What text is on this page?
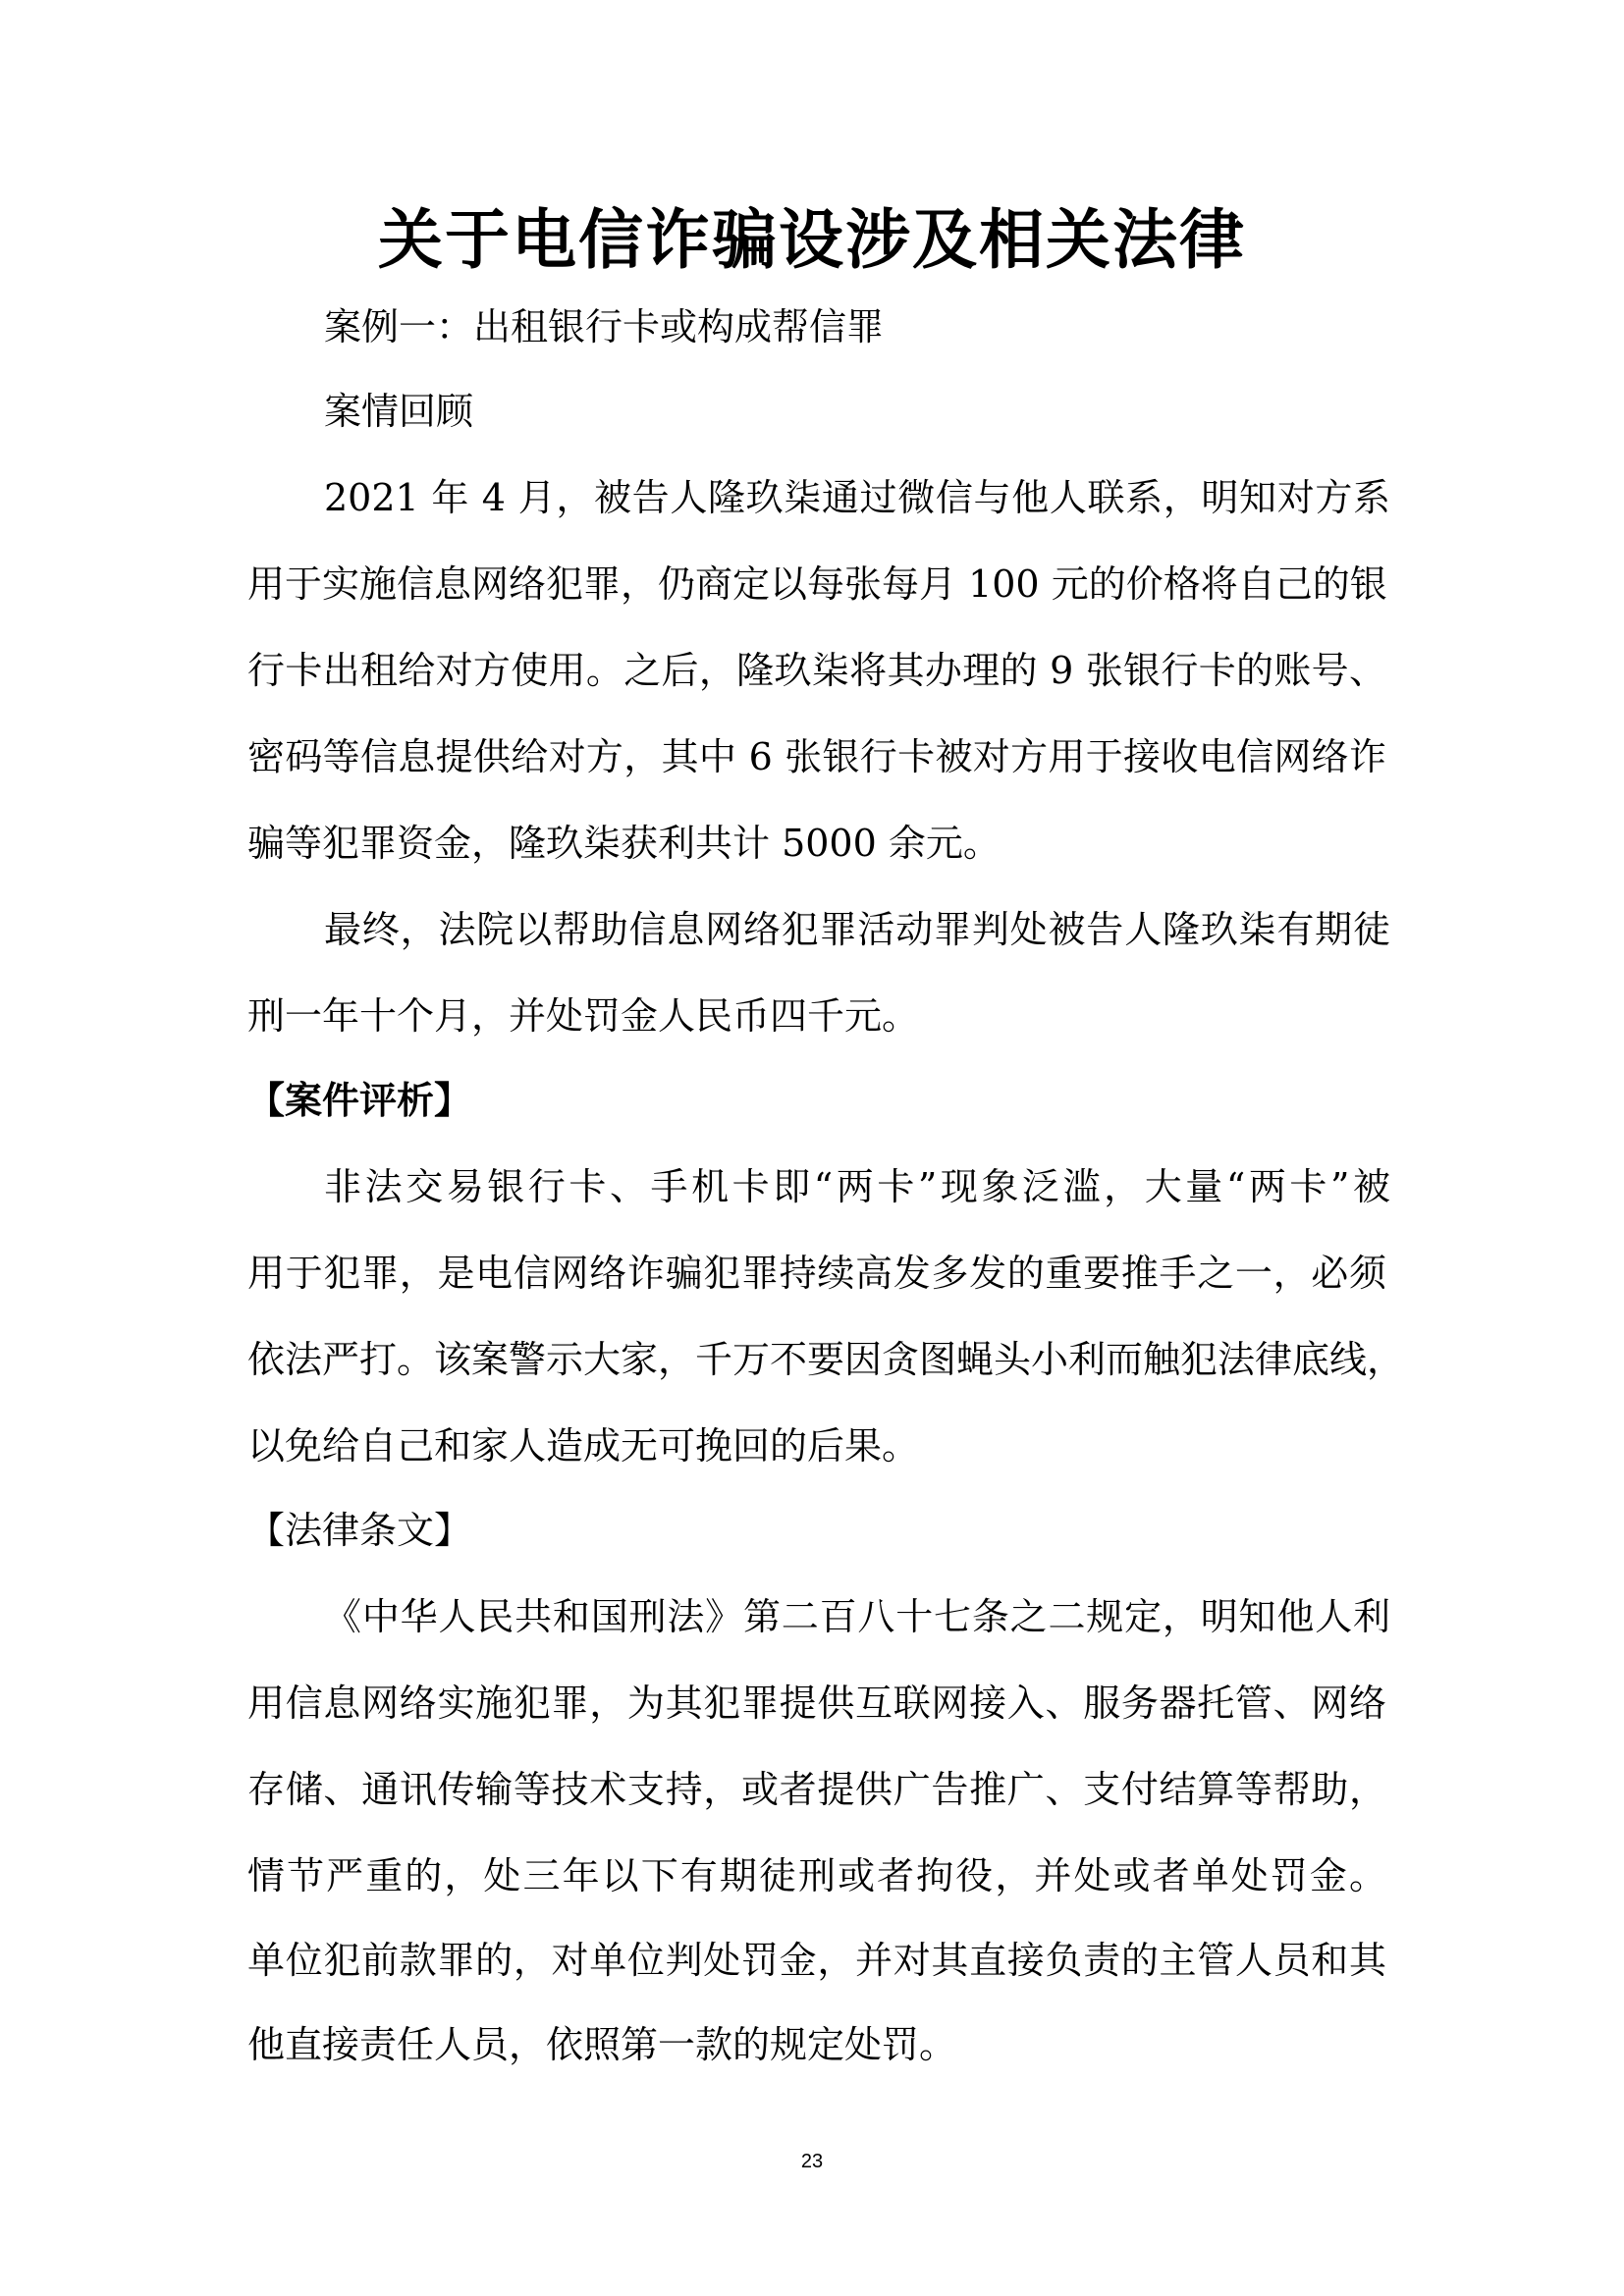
关于电信诈骗设涉及相关法律

案例一：出租银行卡或构成帮信罪

案情回顾

2021 年 4 月，被告人隆玖柒通过微信与他人联系，明知对方系

用于实施信息网络犯罪，仍商定以每张每月 100 元的价格将自己的银

行卡出租给对方使用。之后，隆玖柒将其办理的 9 张银行卡的账号、

密码等信息提供给对方，其中 6 张银行卡被对方用于接收电信网络诈

骗等犯罪资金，隆玖柒获利共计 5000 余元。

最终，法院以帮助信息网络犯罪活动罪判处被告人隆玖柒有期徒

刑一年十个月，并处罚金人民币四千元。

【案件评析】

非法交易银行卡、手机卡即“两卡”现象泛滥，大量“两卡”被

用于犯罪，是电信网络诈骗犯罪持续高发多发的重要推手之一，必须

依法严打。该案警示大家，千万不要因贪图蝇头小利而触犯法律底线，

以免给自己和家人造成无可挽回的后果。

【法律条文】

《中华人民共和国刑法》第二百八十七条之二规定，明知他人利

用信息网络实施犯罪，为其犯罪提供互联网接入、服务器托管、网络

存储、通讯传输等技术支持，或者提供广告推广、支付结算等帮助，

情节严重的，处三年以下有期徒刑或者拘役，并处或者单处罚金。

单位犯前款罪的，对单位判处罚金，并对其直接负责的主管人员和其

他直接责任人员，依照第一款的规定处罚。

23
